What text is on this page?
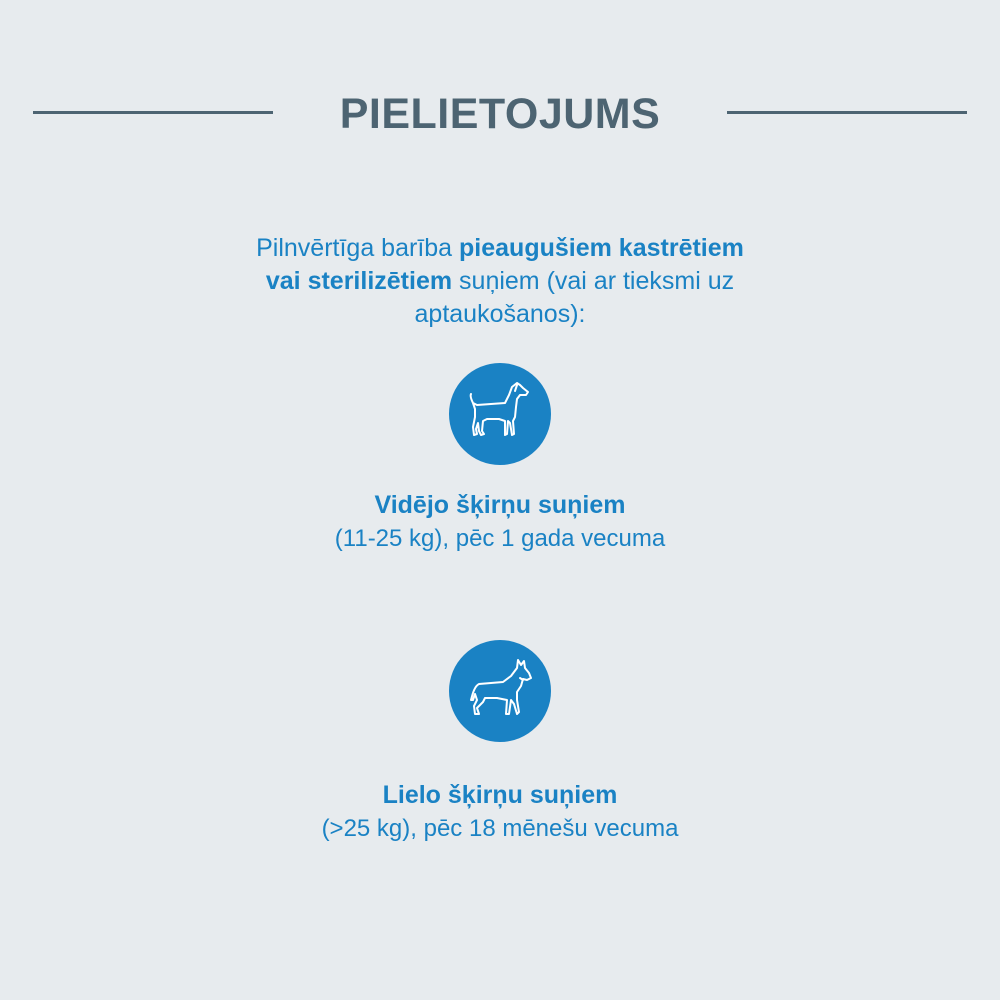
PIELIETOJUMS
Pilnvērtīga barība pieaugušiem kastrētiem
vai sterilizētiem suņiem (vai ar tieksmi uz
aptaukošanos):
Vidējo šķirņu suņiem
(11-25 kg), pēc 1 gada vecuma
Lielo šķirņu suņiem
(>25 kg), pēc 18 mēnešu vecuma
